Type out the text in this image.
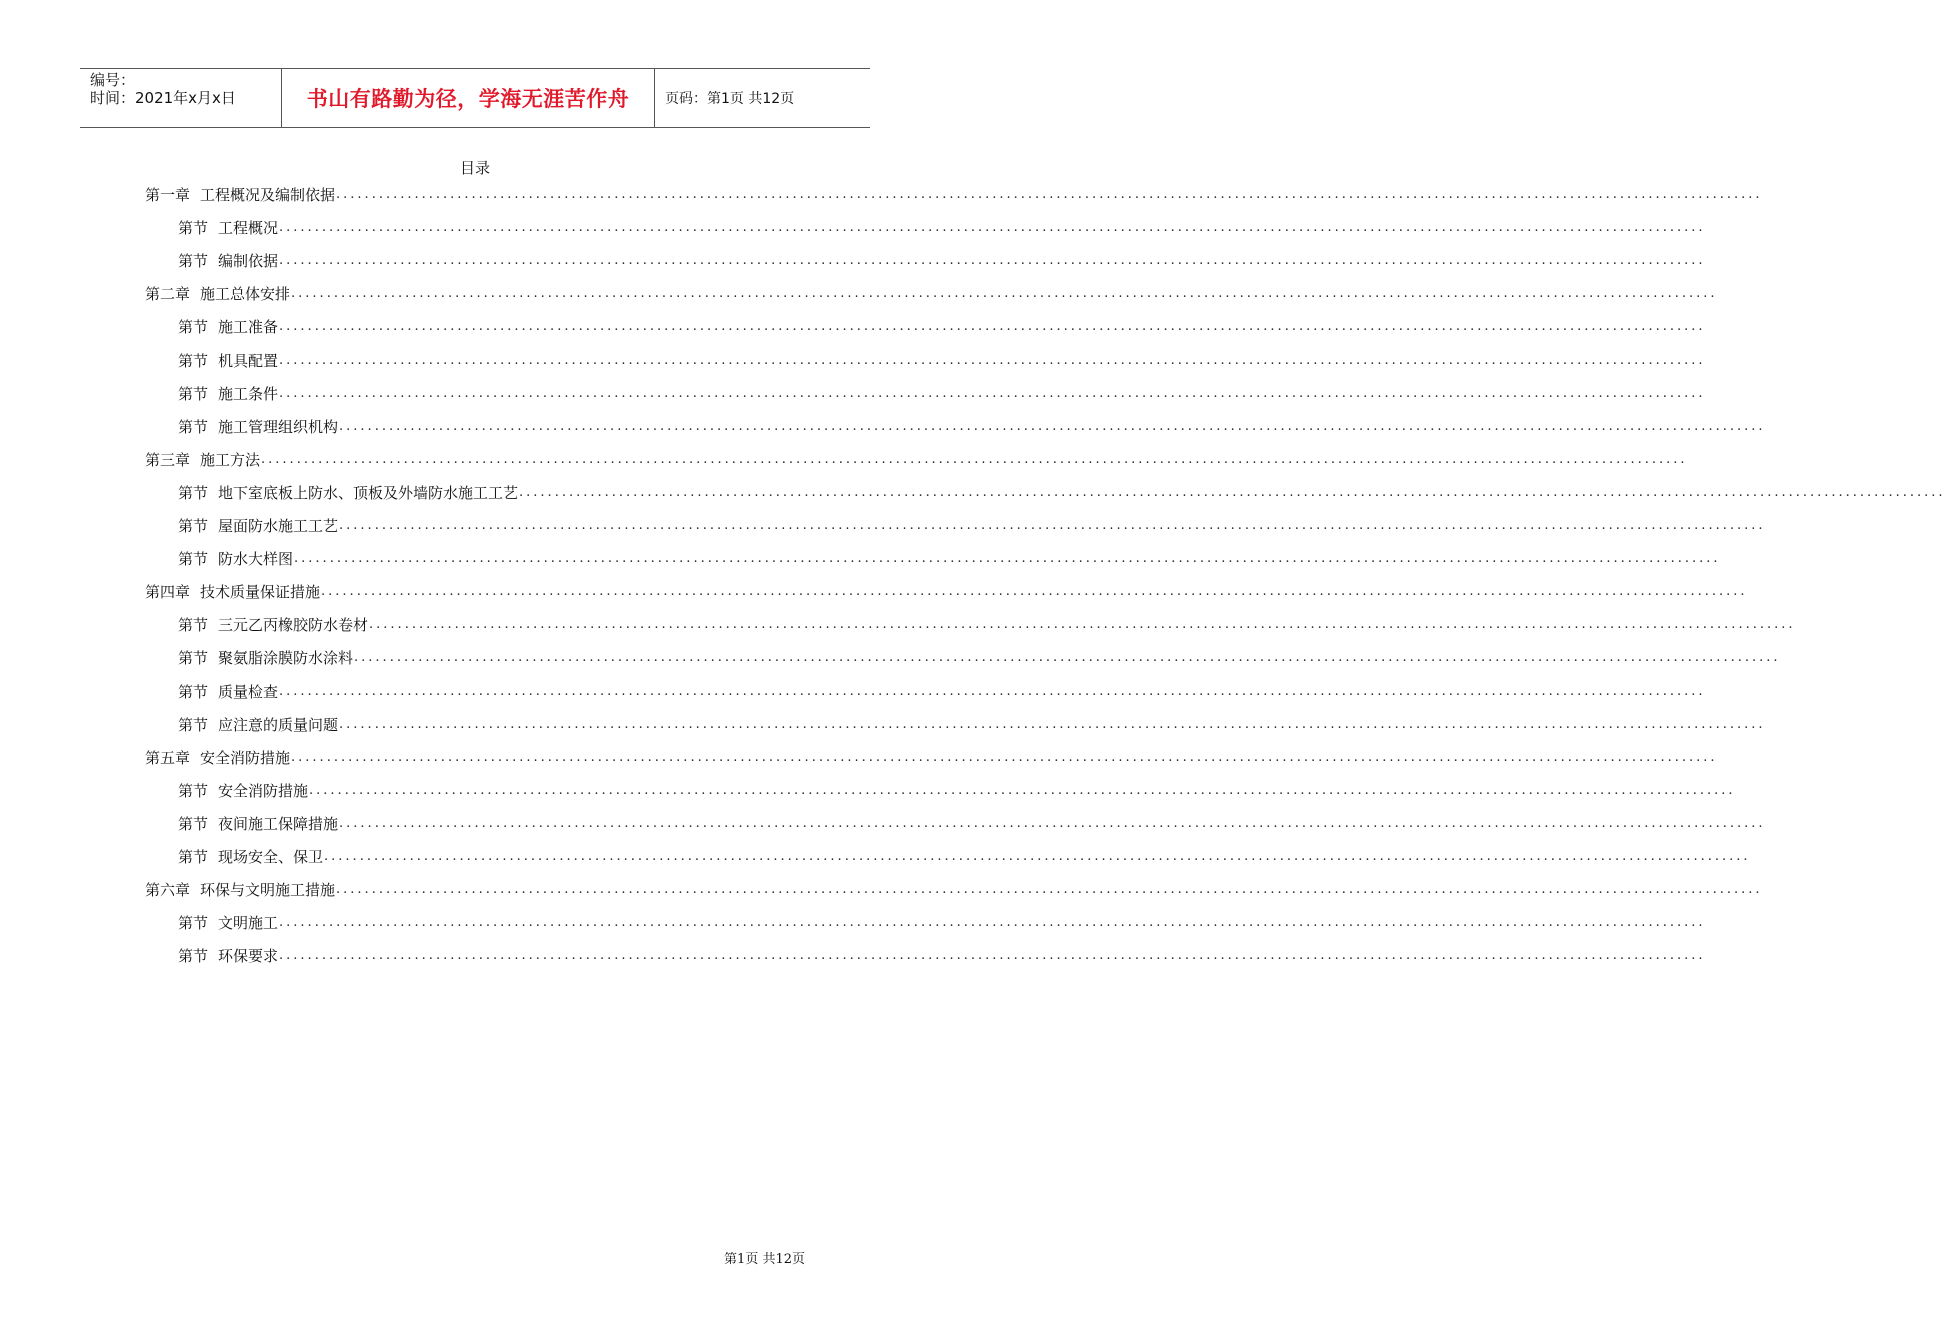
编号：
时间：2021年x月x日	书山有路勤为径，学海无涯苦作舟	页码：第1页 共12页
目录
第一章 工程概况及编制依据 ........................................................................................................................................................................................................
第节 工程概况 ........................................................................................................................................................................................................
第节 编制依据 ........................................................................................................................................................................................................
第二章 施工总体安排 ........................................................................................................................................................................................................
第节 施工准备 ........................................................................................................................................................................................................
第节 机具配置 ........................................................................................................................................................................................................
第节 施工条件 ........................................................................................................................................................................................................
第节 施工管理组织机构 ........................................................................................................................................................................................................
第三章 施工方法 ........................................................................................................................................................................................................
第节 地下室底板上防水、顶板及外墙防水施工工艺 ........................................................................................................................................................................................................
第节 屋面防水施工工艺 ........................................................................................................................................................................................................
第节 防水大样图 ........................................................................................................................................................................................................
第四章 技术质量保证措施 ........................................................................................................................................................................................................
第节 三元乙丙橡胶防水卷材 ........................................................................................................................................................................................................
第节 聚氨脂涂膜防水涂料 ........................................................................................................................................................................................................
第节 质量检查 ........................................................................................................................................................................................................
第节 应注意的质量问题 ........................................................................................................................................................................................................
第五章 安全消防措施 ........................................................................................................................................................................................................
第节 安全消防措施 ........................................................................................................................................................................................................
第节 夜间施工保障措施 ........................................................................................................................................................................................................
第节 现场安全、保卫 ........................................................................................................................................................................................................
第六章 环保与文明施工措施 ........................................................................................................................................................................................................
第节 文明施工 ........................................................................................................................................................................................................
第节 环保要求 ........................................................................................................................................................................................................
第1页 共12页
